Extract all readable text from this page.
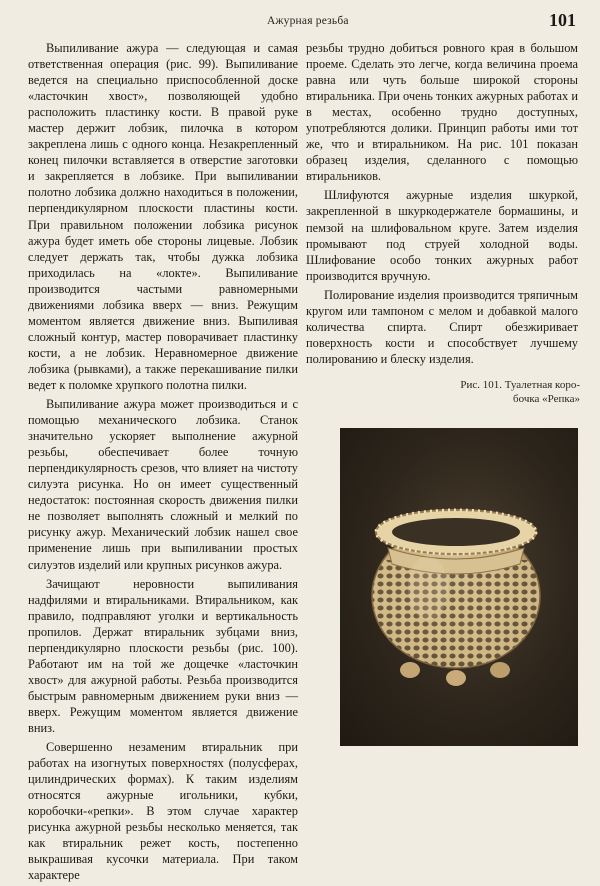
Ажурная резьба	101

Выпиливание ажура — следующая и самая ответственная операция (рис. 99). Выпиливание ведется на специально приспособленной доске «ласточкин хвост», позволяющей удобно расположить пластинку кости. В правой руке мастер держит лобзик, пилочка в котором закреплена лишь с одного конца. Незакрепленный конец пилочки вставляется в отверстие заготовки и закрепляется в лобзике. При выпиливании полотно лобзика должно находиться в положении, перпендикулярном плоскости пластины кости. При правильном положении лобзика рисунок ажура будет иметь обе стороны лицевые. Лобзик следует держать так, чтобы дужка лобзика приходилась на «локте». Выпиливание производится частыми равномерными движениями лобзика вверх — вниз. Режущим моментом является движение вниз. Выпиливая сложный контур, мастер поворачивает пластинку кости, а не лобзик. Неравномерное движение лобзика (рывками), а также перекашивание пилки ведет к поломке хрупкого полотна пилки.

Выпиливание ажура может производиться и с помощью механического лобзика. Станок значительно ускоряет выполнение ажурной резьбы, обеспечивает более точную перпендикулярность срезов, что влияет на чистоту силуэта рисунка. Но он имеет существенный недостаток: постоянная скорость движения пилки не позволяет выполнять сложный и мелкий по рисунку ажур. Механический лобзик нашел свое применение лишь при выпиливании простых силуэтов изделий или крупных рисунков ажура.

Зачищают неровности выпиливания надфилями и втиральниками. Втиральником, как правило, подправляют уголки и вертикальность пропилов. Держат втиральник зубцами вниз, перпендикулярно плоскости резьбы (рис. 100). Работают им на той же дощечке «ласточкин хвост» для ажурной работы. Резьба производится быстрым равномерным движением руки вниз — вверх. Режущим моментом является движение вниз.

Совершенно незаменим втиральник при работах на изогнутых поверхностях (полусферах, цилиндрических формах). К таким изделиям относятся ажурные игольники, кубки, коробочки-«репки». В этом случае характер рисунка ажурной резьбы несколько меняется, так как втиральник режет кость, постепенно выкрашивая кусочки материала. При таком характере

резьбы трудно добиться ровного края в большом проеме. Сделать это легче, когда величина проема равна или чуть больше широкой стороны втиральника. При очень тонких ажурных работах и в местах, особенно трудно доступных, употребляются долики. Принцип работы ими тот же, что и втиральником. На рис. 101 показан образец изделия, сделанного с помощью втиральников.

Шлифуются ажурные изделия шкуркой, закрепленной в шкуркодержателе бормашины, и пемзой на шлифовальном круге. Затем изделия промывают под струей холодной воды. Шлифование особо тонких ажурных работ производится вручную.

Полирование изделия производится тряпичным кругом или тампоном с мелом и добавкой малого количества спирта. Спирт обезжиривает поверхность кости и способствует лучшему полированию и блеску изделия.

Рис. 101. Туалетная коро-
бочка «Репка»
